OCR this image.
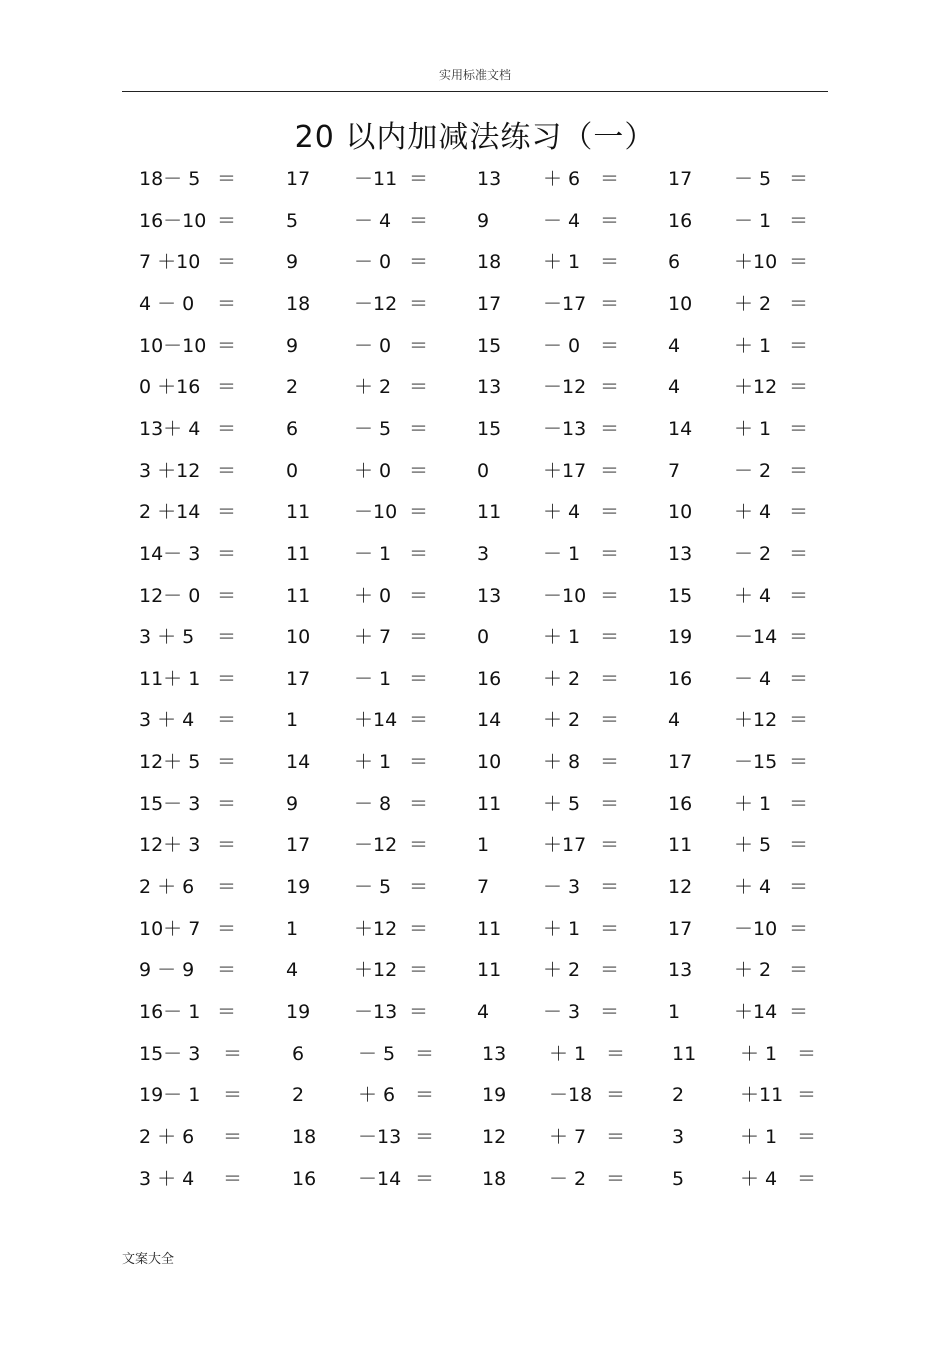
实用标准文档
20 以内加减法练习（一）
18－ 5 ＝	17 －11 ＝	13 ＋ 6 ＝	17 － 5 ＝
16－10 ＝	5	－ 4 ＝	9	－ 4 ＝	16 － 1 ＝
7 ＋10 ＝	9	－ 0 ＝	18 ＋ 1 ＝	6	＋10 ＝
4 － 0 ＝	18 －12 ＝	17 －17 ＝	10 ＋ 2 ＝
10－10 ＝	9	－ 0 ＝	15 － 0 ＝	4	＋ 1 ＝
0 ＋16 ＝	2	＋ 2 ＝	13 －12 ＝	4	＋12 ＝
13＋ 4 ＝	6	－ 5 ＝	15 －13 ＝	14 ＋ 1 ＝
3 ＋12 ＝	0	＋ 0 ＝	0	＋17 ＝	7	－ 2 ＝
2 ＋14 ＝	11 －10 ＝	11 ＋ 4 ＝	10 ＋ 4 ＝
14－ 3 ＝	11 － 1 ＝	3	－ 1 ＝	13 － 2 ＝
12－ 0 ＝	11 ＋ 0 ＝	13 －10 ＝	15 ＋ 4 ＝
3 ＋ 5 ＝	10 ＋ 7 ＝	0	＋ 1 ＝	19 －14 ＝
11＋ 1 ＝	17 － 1 ＝	16 ＋ 2 ＝	16 － 4 ＝
3 ＋ 4 ＝	1	＋14 ＝	14 ＋ 2 ＝	4	＋12 ＝
12＋ 5 ＝	14 ＋ 1 ＝	10 ＋ 8 ＝	17 －15 ＝
15－ 3 ＝	9	－ 8 ＝	11 ＋ 5 ＝	16 ＋ 1 ＝
12＋ 3 ＝	17 －12 ＝	1	＋17 ＝	11 ＋ 5 ＝
2 ＋ 6 ＝	19 － 5 ＝	7	－ 3 ＝	12 ＋ 4 ＝
10＋ 7 ＝	1	＋12 ＝	11 ＋ 1 ＝	17 －10 ＝
9 － 9 ＝	4	＋12 ＝	11 ＋ 2 ＝	13 ＋ 2 ＝
16－ 1 ＝	19 －13 ＝	4	－ 3 ＝	1	＋14 ＝
15－ 3 ＝	6	－ 5 ＝	13 ＋ 1 ＝ 11 ＋ 1 ＝
19－ 1 ＝	2	＋ 6 ＝	19 －18 ＝ 2	＋11 ＝
2 ＋ 6 ＝	18 －13 ＝	12 ＋ 7 ＝ 3	＋ 1 ＝
3 ＋ 4 ＝	16 －14 ＝	18 － 2 ＝ 5	＋ 4 ＝
文案大全
